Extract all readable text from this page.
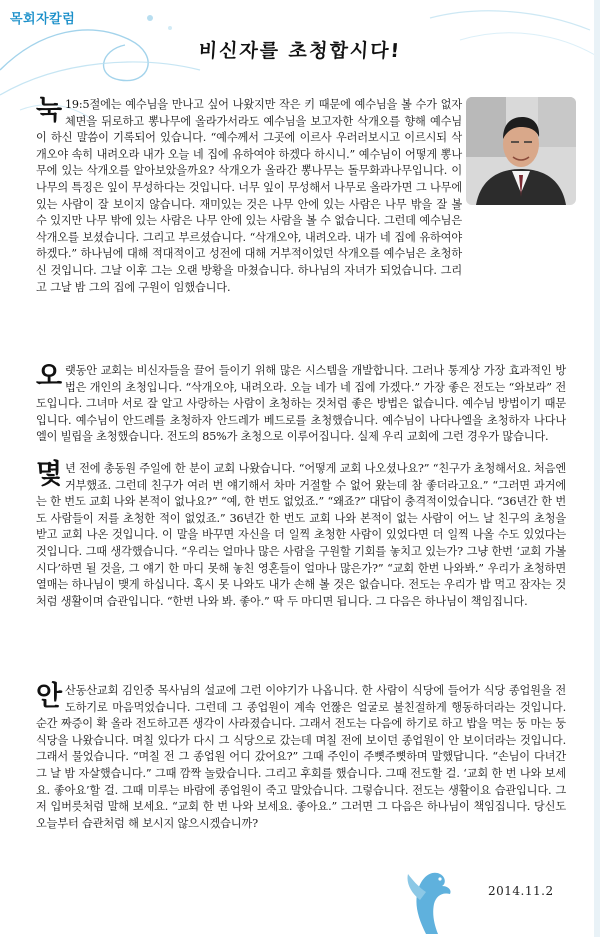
목회자칼럼
비신자를 초청합시다!
눅 19:5절에는 예수님을 만나고 싶어 나왔지만 작은 키 때문에 예수님을 볼 수가 없자 체면을 뒤로하고 뽕나무에 올라가서라도 예수님을 보고자한 삭개오를 향해 예수님이 하신 말씀이 기록되어 있습니다. “예수께서 그곳에 이르사 우러러보시고 이르시되 삭개오야 속히 내려오라 내가 오늘 네 집에 유하여야 하겠다 하시니.” 예수님이 어떻게 뽕나무에 있는 삭개오를 알아보았을까요? 삭개오가 올라간 뽕나무는 돌무화과나무입니다. 이 나무의 특징은 잎이 무성하다는 것입니다. 너무 잎이 무성해서 나무로 올라가면 그 나무에 있는 사람이 잘 보이지 않습니다. 재미있는 것은 나무 안에 있는 사람은 나무 밖을 잘 볼 수 있지만 나무 밖에 있는 사람은 나무 안에 있는 사람을 볼 수 없습니다. 그런데 예수님은 삭개오를 보셨습니다. 그리고 부르셨습니다. “삭개오야, 내려오라. 내가 네 집에 유하여야 하겠다.” 하나님에 대해 적대적이고 성전에 대해 거부적이었던 삭개오를 예수님은 초청하신 것입니다. 그날 이후 그는 오랜 방황을 마쳤습니다. 하나님의 자녀가 되었습니다. 그리고 그날 밤 그의 집에 구원이 임했습니다.
오랫동안 교회는 비신자들을 끌어 들이기 위해 많은 시스템을 개발합니다. 그러나 통계상 가장 효과적인 방법은 개인의 초청입니다. “삭개오야, 내려오라. 오늘 네가 네 집에 가겠다.” 가장 좋은 전도는 “와보라” 전도입니다. 그녀마 서로 잘 알고 사랑하는 사람이 초청하는 것처럼 좋은 방법은 없습니다. 예수님 방법이기 때문입니다. 예수님이 안드레를 초청하자 안드레가 베드로를 초청했습니다. 예수님이 나다나엘을 초청하자 나다나엘이 빌립을 초청했습니다. 전도의 85%가 초청으로 이루어집니다. 실제 우리 교회에 그런 경우가 많습니다.
몇년 전에 총동원 주일에 한 분이 교회 나왔습니다. “어떻게 교회 나오셨나요?” “친구가 초청해서요. 처음엔 거부했죠. 그런데 친구가 여러 번 얘기해서 차마 거절할 수 없어 왔는데 참 좋더라고요.” “그러면 과거에는 한 번도 교회 나와 본적이 없나요?” “예, 한 번도 없었죠.” “왜죠?” 대답이 충격적이었습니다. “36년간 한 번도 사람들이 저를 초청한 적이 없었죠.” 36년간 한 번도 교회 나와 본적이 없는 사람이 어느 날 친구의 초청을 받고 교회 나온 것입니다. 이 말을 바꾸면 자신을 더 일찍 초청한 사람이 있었다면 더 일찍 나올 수도 있었다는 것입니다. 그때 생각했습니다. “우리는 얼마나 많은 사람을 구원할 기회를 놓치고 있는가? 그냥 한번 ‘교회 가볼시다’하면 될 것을, 그 얘기 한 마디 못해 놓친 영혼들이 얼마나 많은가?” “교회 한번 나와봐.” 우리가 초청하면 열매는 하나님이 맺게 하십니다. 혹시 못 나와도 내가 손해 볼 것은 없습니다. 전도는 우리가 밥 먹고 잠자는 것처럼 생활이며 습관입니다. “한번 나와 봐. 좋아.” 딱 두 마디면 됩니다. 그 다음은 하나님이 책임집니다.
안산동산교회 김인중 목사님의 설교에 그런 이야기가 나옵니다. 한 사람이 식당에 들어가 식당 종업원을 전도하기로 마음먹었습니다. 그런데 그 종업원이 계속 언짢은 얼굴로 불친절하게 행동하더라는 것입니다. 순간 짜증이 확 올라 전도하고픈 생각이 사라졌습니다. 그래서 전도는 다음에 하기로 하고 밥을 먹는 둥 마는 둥 식당을 나왔습니다. 며칠 있다가 다시 그 식당으로 갔는데 며칠 전에 보이던 종업원이 안 보이더라는 것입니다. 그래서 물었습니다. “며칠 전 그 종업원 어디 갔어요?” 그때 주인이 주뼛주뼛하며 말했답니다. “손님이 다녀간 그 날 밤 자살했습니다.” 그때 깜짝 놀랐습니다. 그리고 후회를 했습니다. 그때 전도할 걸. ‘교회 한 번 나와 보세요. 좋아요’할 걸. 그때 미루는 바람에 종업원이 죽고 말았습니다. 그렇습니다. 전도는 생활이요 습관입니다. 그저 입버릇처럼 말해 보세요. “교회 한 번 나와 보세요. 좋아요.” 그러면 그 다음은 하나님이 책임집니다. 당신도 오늘부터 습관처럼 해 보시지 않으시겠습니까?
2014.11.2
